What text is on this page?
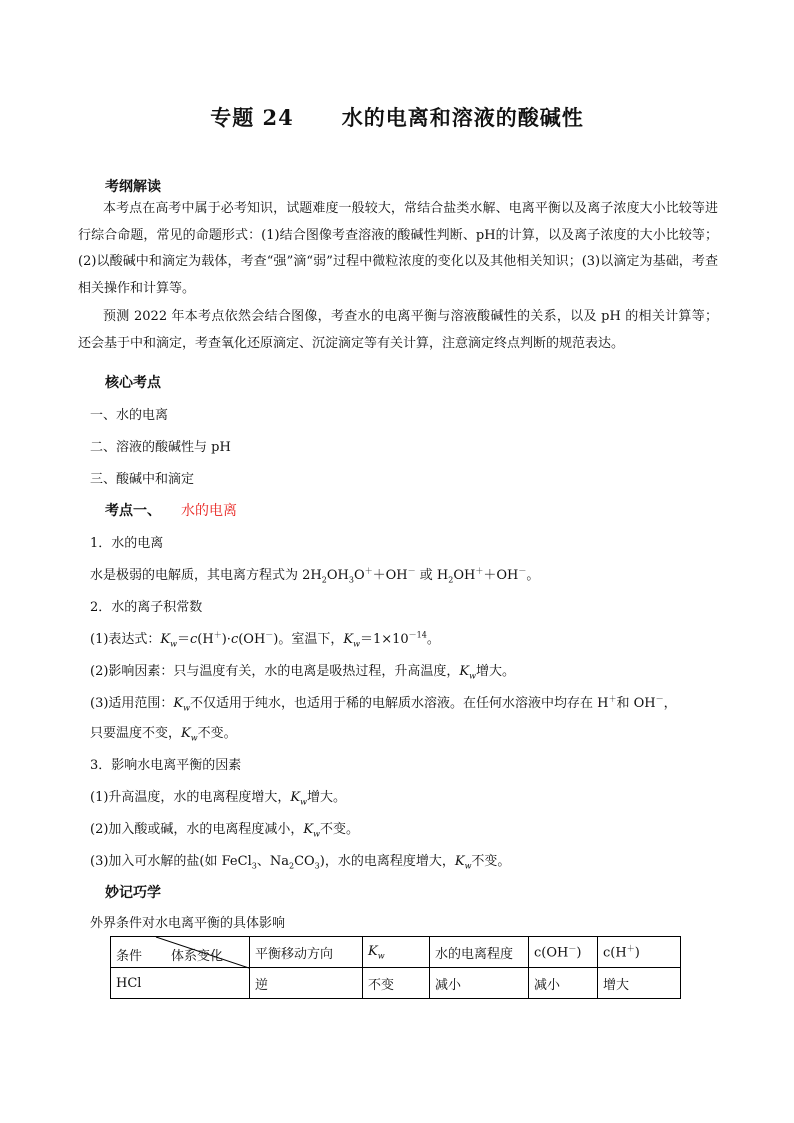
专题 24 水的电离和溶液的酸碱性
考纲解读
本考点在高考中属于必考知识，试题难度一般较大，常结合盐类水解、电离平衡以及离子浓度大小比较等进行综合命题，常见的命题形式：(1)结合图像考查溶液的酸碱性判断、pH的计算，以及离子浓度的大小比较等；(2)以酸碱中和滴定为载体，考查“强”滴“弱”过程中微粒浓度的变化以及其他相关知识；(3)以滴定为基础，考查相关操作和计算等。
预测 2022 年本考点依然会结合图像，考查水的电离平衡与溶液酸碱性的关系，以及 pH 的相关计算等；还会基于中和滴定，考查氧化还原滴定、沉淀滴定等有关计算，注意滴定终点判断的规范表达。
核心考点
一、水的电离
二、溶液的酸碱性与 pH
三、酸碱中和滴定
考点一、 水的电离
1．水的电离
水是极弱的电解质，其电离方程式为 $2H_2OH_3O^++OH^-$ 或 $H_2OH^++OH^-$。
2．水的离子积常数
(1)表达式：$K_w=c(H^+)\cdot c(OH^-)$。室温下，$K_w=1\times 10^{-14}$。
(2)影响因素：只与温度有关，水的电离是吸热过程，升高温度，$K_w$增大。
(3)适用范围：$K_w$不仅适用于纯水，也适用于稀的电解质水溶液。在任何水溶液中均存在 H＋和 OH－，
只要温度不变，$K_w$不变。
3．影响水电离平衡的因素
(1)升高温度，水的电离程度增大，$K_w$增大。
(2)加入酸或碱，水的电离程度减小，$K_w$不变。
(3)加入可水解的盐(如 FeCl$_3$、$Na_2CO_3$)，水的电离程度增大，$K_w$不变。
妙记巧学
外界条件对水电离平衡的具体影响
条件 体系变化	平衡移动方向	$K_w$	水的电离程度	c(OH－)	c(H＋)
HCl	逆	不变	减小	减小	增大
